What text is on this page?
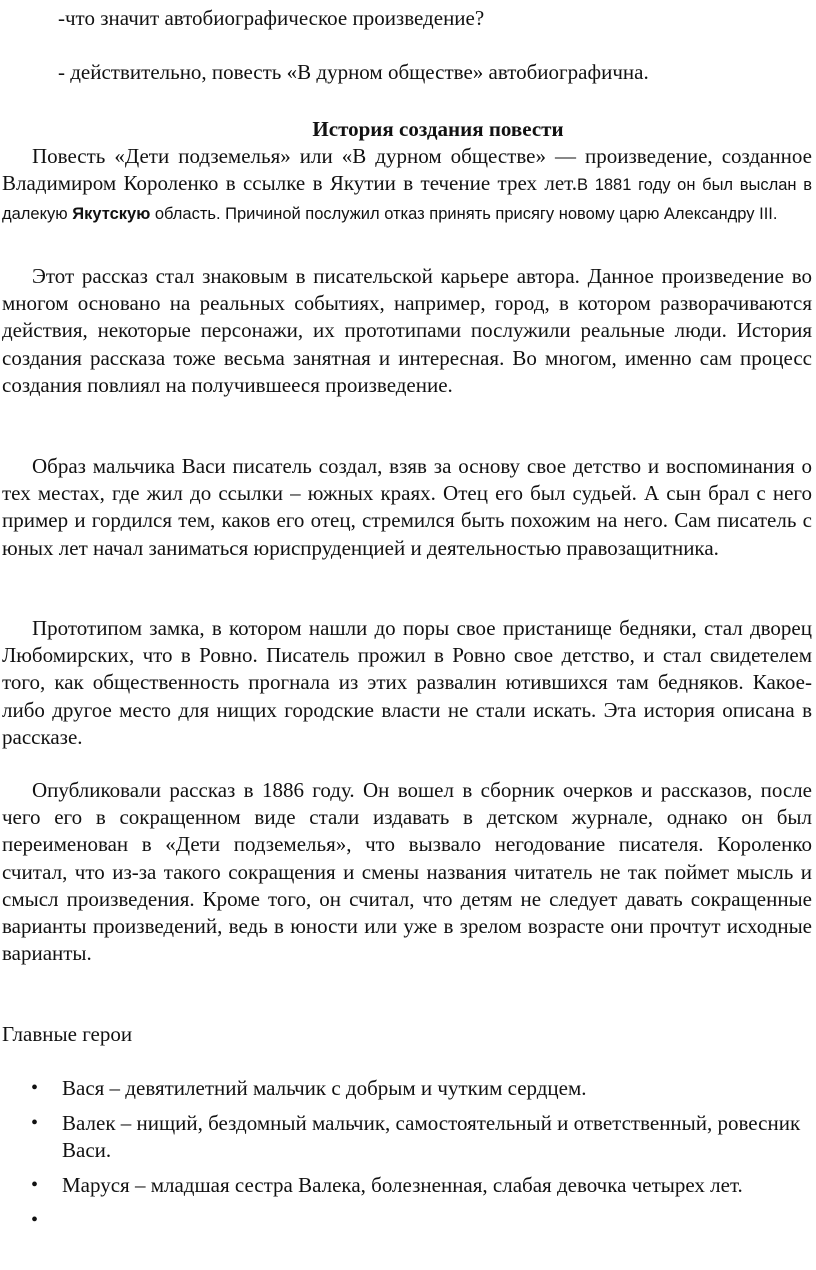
-что значит автобиографическое произведение?
- действительно, повесть «В дурном обществе» автобиографична.
История создания повести
Повесть «Дети подземелья» или «В дурном обществе» — произведение, созданное Владимиром Короленко в ссылке в Якутии в течение трех лет.В 1881 году он был выслан в далекую Якутскую область. Причиной послужил отказ принять присягу новому царю Александру III.
Этот рассказ стал знаковым в писательской карьере автора. Данное произведение во многом основано на реальных событиях, например, город, в котором разворачиваются действия, некоторые персонажи, их прототипами послужили реальные люди. История создания рассказа тоже весьма занятная и интересная. Во многом, именно сам процесс создания повлиял на получившееся произведение.
Образ мальчика Васи писатель создал, взяв за основу свое детство и воспоминания о тех местах, где жил до ссылки – южных краях. Отец его был судьей. А сын брал с него пример и гордился тем, каков его отец, стремился быть похожим на него. Сам писатель с юных лет начал заниматься юриспруденцией и деятельностью правозащитника.
Прототипом замка, в котором нашли до поры свое пристанище бедняки, стал дворец Любомирских, что в Ровно. Писатель прожил в Ровно свое детство, и стал свидетелем того, как общественность прогнала из этих развалин ютившихся там бедняков. Какое-либо другое место для нищих городские власти не стали искать. Эта история описана в рассказе.
Опубликовали рассказ в 1886 году. Он вошел в сборник очерков и рассказов, после чего его в сокращенном виде стали издавать в детском журнале, однако он был переименован в «Дети подземелья», что вызвало негодование писателя. Короленко считал, что из-за такого сокращения и смены названия читатель не так поймет мысль и смысл произведения. Кроме того, он считал, что детям не следует давать сокращенные варианты произведений, ведь в юности или уже в зрелом возрасте они прочтут исходные варианты.
Главные герои
• Вася – девятилетний мальчик с добрым и чутким сердцем.
• Валек – нищий, бездомный мальчик, самостоятельный и ответственный, ровесник Васи.
• Маруся – младшая сестра Валека, болезненная, слабая девочка четырех лет.
•
